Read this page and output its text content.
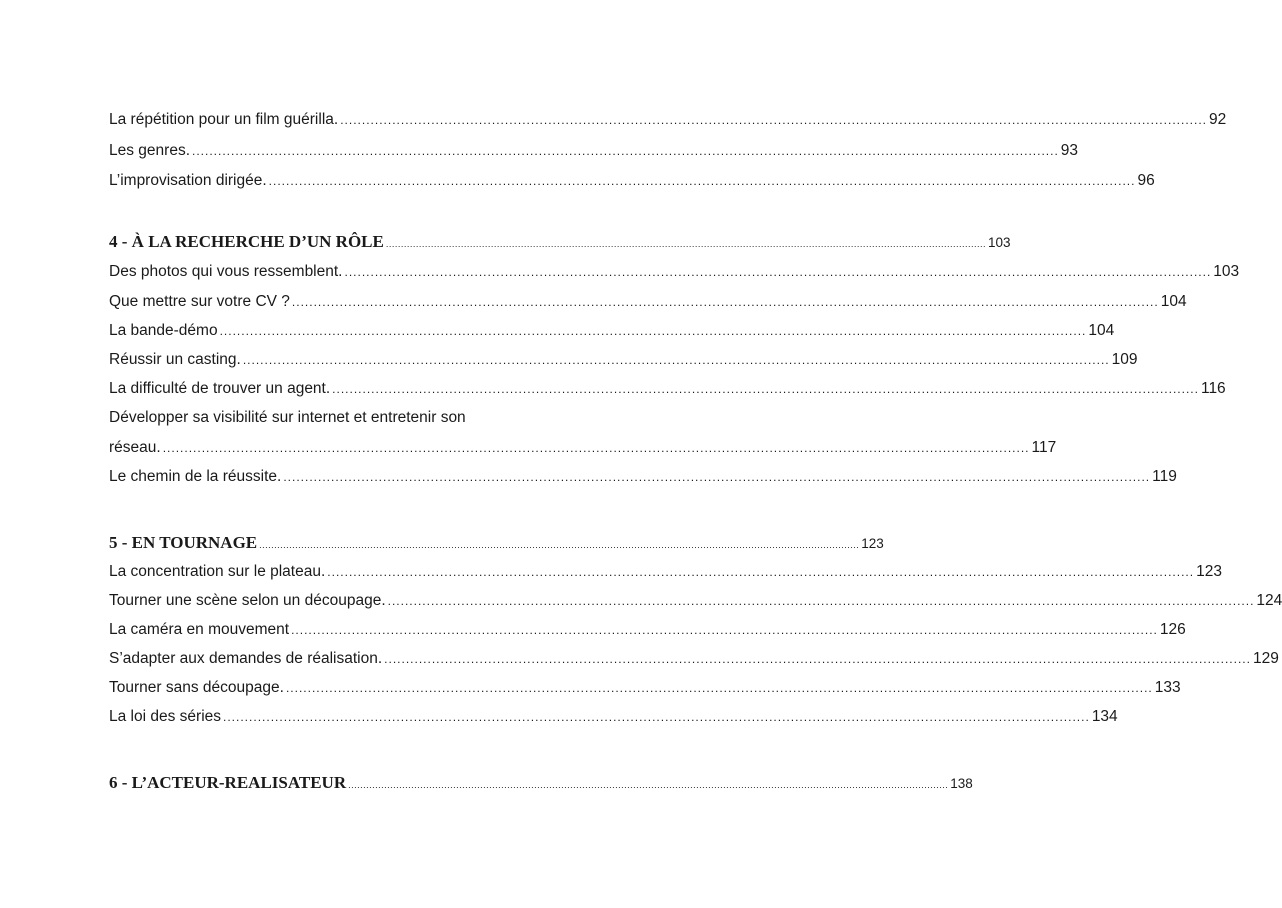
La répétition pour un film guérilla. ........................................................................................................................................................................................................ 92
Les genres. ........................................................................................................................................................................................................ 93
L’improvisation dirigée. ........................................................................................................................................................................................................ 96
4 - À LA RECHERCHE D’UN RÔLE ........................................................................................................................................................................................................ 103
Des photos qui vous ressemblent. ........................................................................................................................................................................................................ 103
Que mettre sur votre CV ? ........................................................................................................................................................................................................ 104
La bande-démo ........................................................................................................................................................................................................ 104
Réussir un casting. ........................................................................................................................................................................................................ 109
La difficulté de trouver un agent. ........................................................................................................................................................................................................ 116
Développer sa visibilité sur internet et entretenir son
réseau. ........................................................................................................................................................................................................ 117
Le chemin de la réussite. ........................................................................................................................................................................................................ 119
5 - EN TOURNAGE ........................................................................................................................................................................................................ 123
La concentration sur le plateau. ........................................................................................................................................................................................................ 123
Tourner une scène selon un découpage. ........................................................................................................................................................................................................ 124
La caméra en mouvement ........................................................................................................................................................................................................ 126
S’adapter aux demandes de réalisation. ........................................................................................................................................................................................................ 129
Tourner sans découpage. ........................................................................................................................................................................................................ 133
La loi des séries ........................................................................................................................................................................................................ 134
6 - L’ACTEUR-REALISATEUR ........................................................................................................................................................................................................ 138
